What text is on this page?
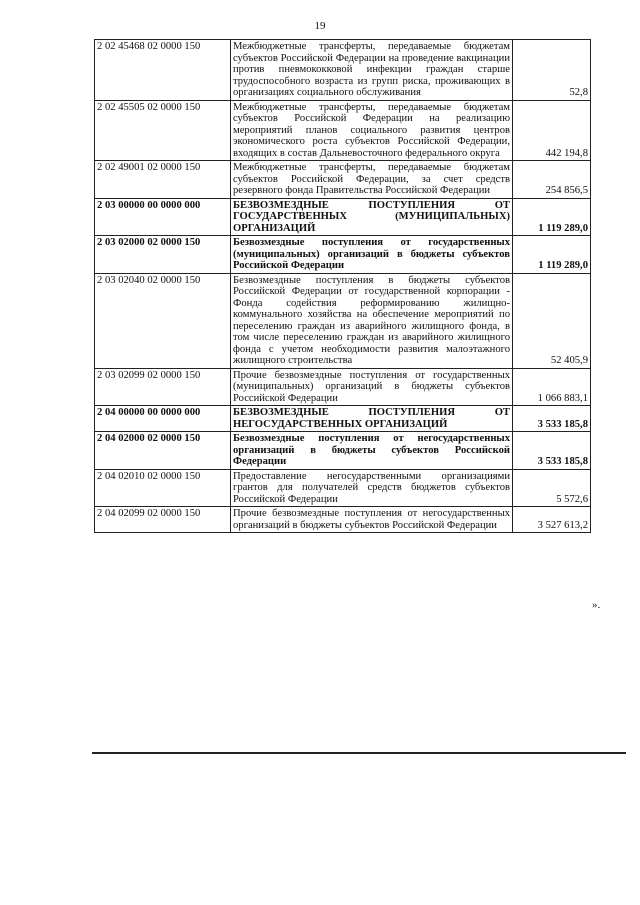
19
2 02 45468 02 0000 150	Межбюджетные трансферты, передаваемые бюджетам субъектов Российской Федерации на проведение вакцинации против пневмококковой инфекции граждан старше трудоспособного возраста из групп риска, проживающих в организациях социального обслуживания	52,8
2 02 45505 02 0000 150	Межбюджетные трансферты, передаваемые бюджетам субъектов Российской Федерации на реализацию мероприятий планов социального развития центров экономического роста субъектов Российской Федерации, входящих в состав Дальневосточного федерального округа	442 194,8
2 02 49001 02 0000 150	Межбюджетные трансферты, передаваемые бюджетам субъектов Российской Федерации, за счет средств резервного фонда Правительства Российской Федерации	254 856,5
2 03 00000 00 0000 000	БЕЗВОЗМЕЗДНЫЕ ПОСТУПЛЕНИЯ ОТ ГОСУДАРСТВЕННЫХ (МУНИЦИПАЛЬНЫХ) ОРГАНИЗАЦИЙ	1 119 289,0
2 03 02000 02 0000 150	Безвозмездные поступления от государственных (муниципальных) организаций в бюджеты субъектов Российской Федерации	1 119 289,0
2 03 02040 02 0000 150	Безвозмездные поступления в бюджеты субъектов Российской Федерации от государственной корпорации - Фонда содействия реформированию жилищно-коммунального хозяйства на обеспечение мероприятий по переселению граждан из аварийного жилищного фонда, в том числе переселению граждан из аварийного жилищного фонда с учетом необходимости развития малоэтажного жилищного строительства	52 405,9
2 03 02099 02 0000 150	Прочие безвозмездные поступления от государственных (муниципальных) организаций в бюджеты субъектов Российской Федерации	1 066 883,1
2 04 00000 00 0000 000	БЕЗВОЗМЕЗДНЫЕ ПОСТУПЛЕНИЯ ОТ НЕГОСУДАРСТВЕННЫХ ОРГАНИЗАЦИЙ	3 533 185,8
2 04 02000 02 0000 150	Безвозмездные поступления от негосударственных организаций в бюджеты субъектов Российской Федерации	3 533 185,8
2 04 02010 02 0000 150	Предоставление негосударственными организациями грантов для получателей средств бюджетов субъектов Российской Федерации	5 572,6
2 04 02099 02 0000 150	Прочие безвозмездные поступления от негосударственных организаций в бюджеты субъектов Российской Федерации	3 527 613,2
».
